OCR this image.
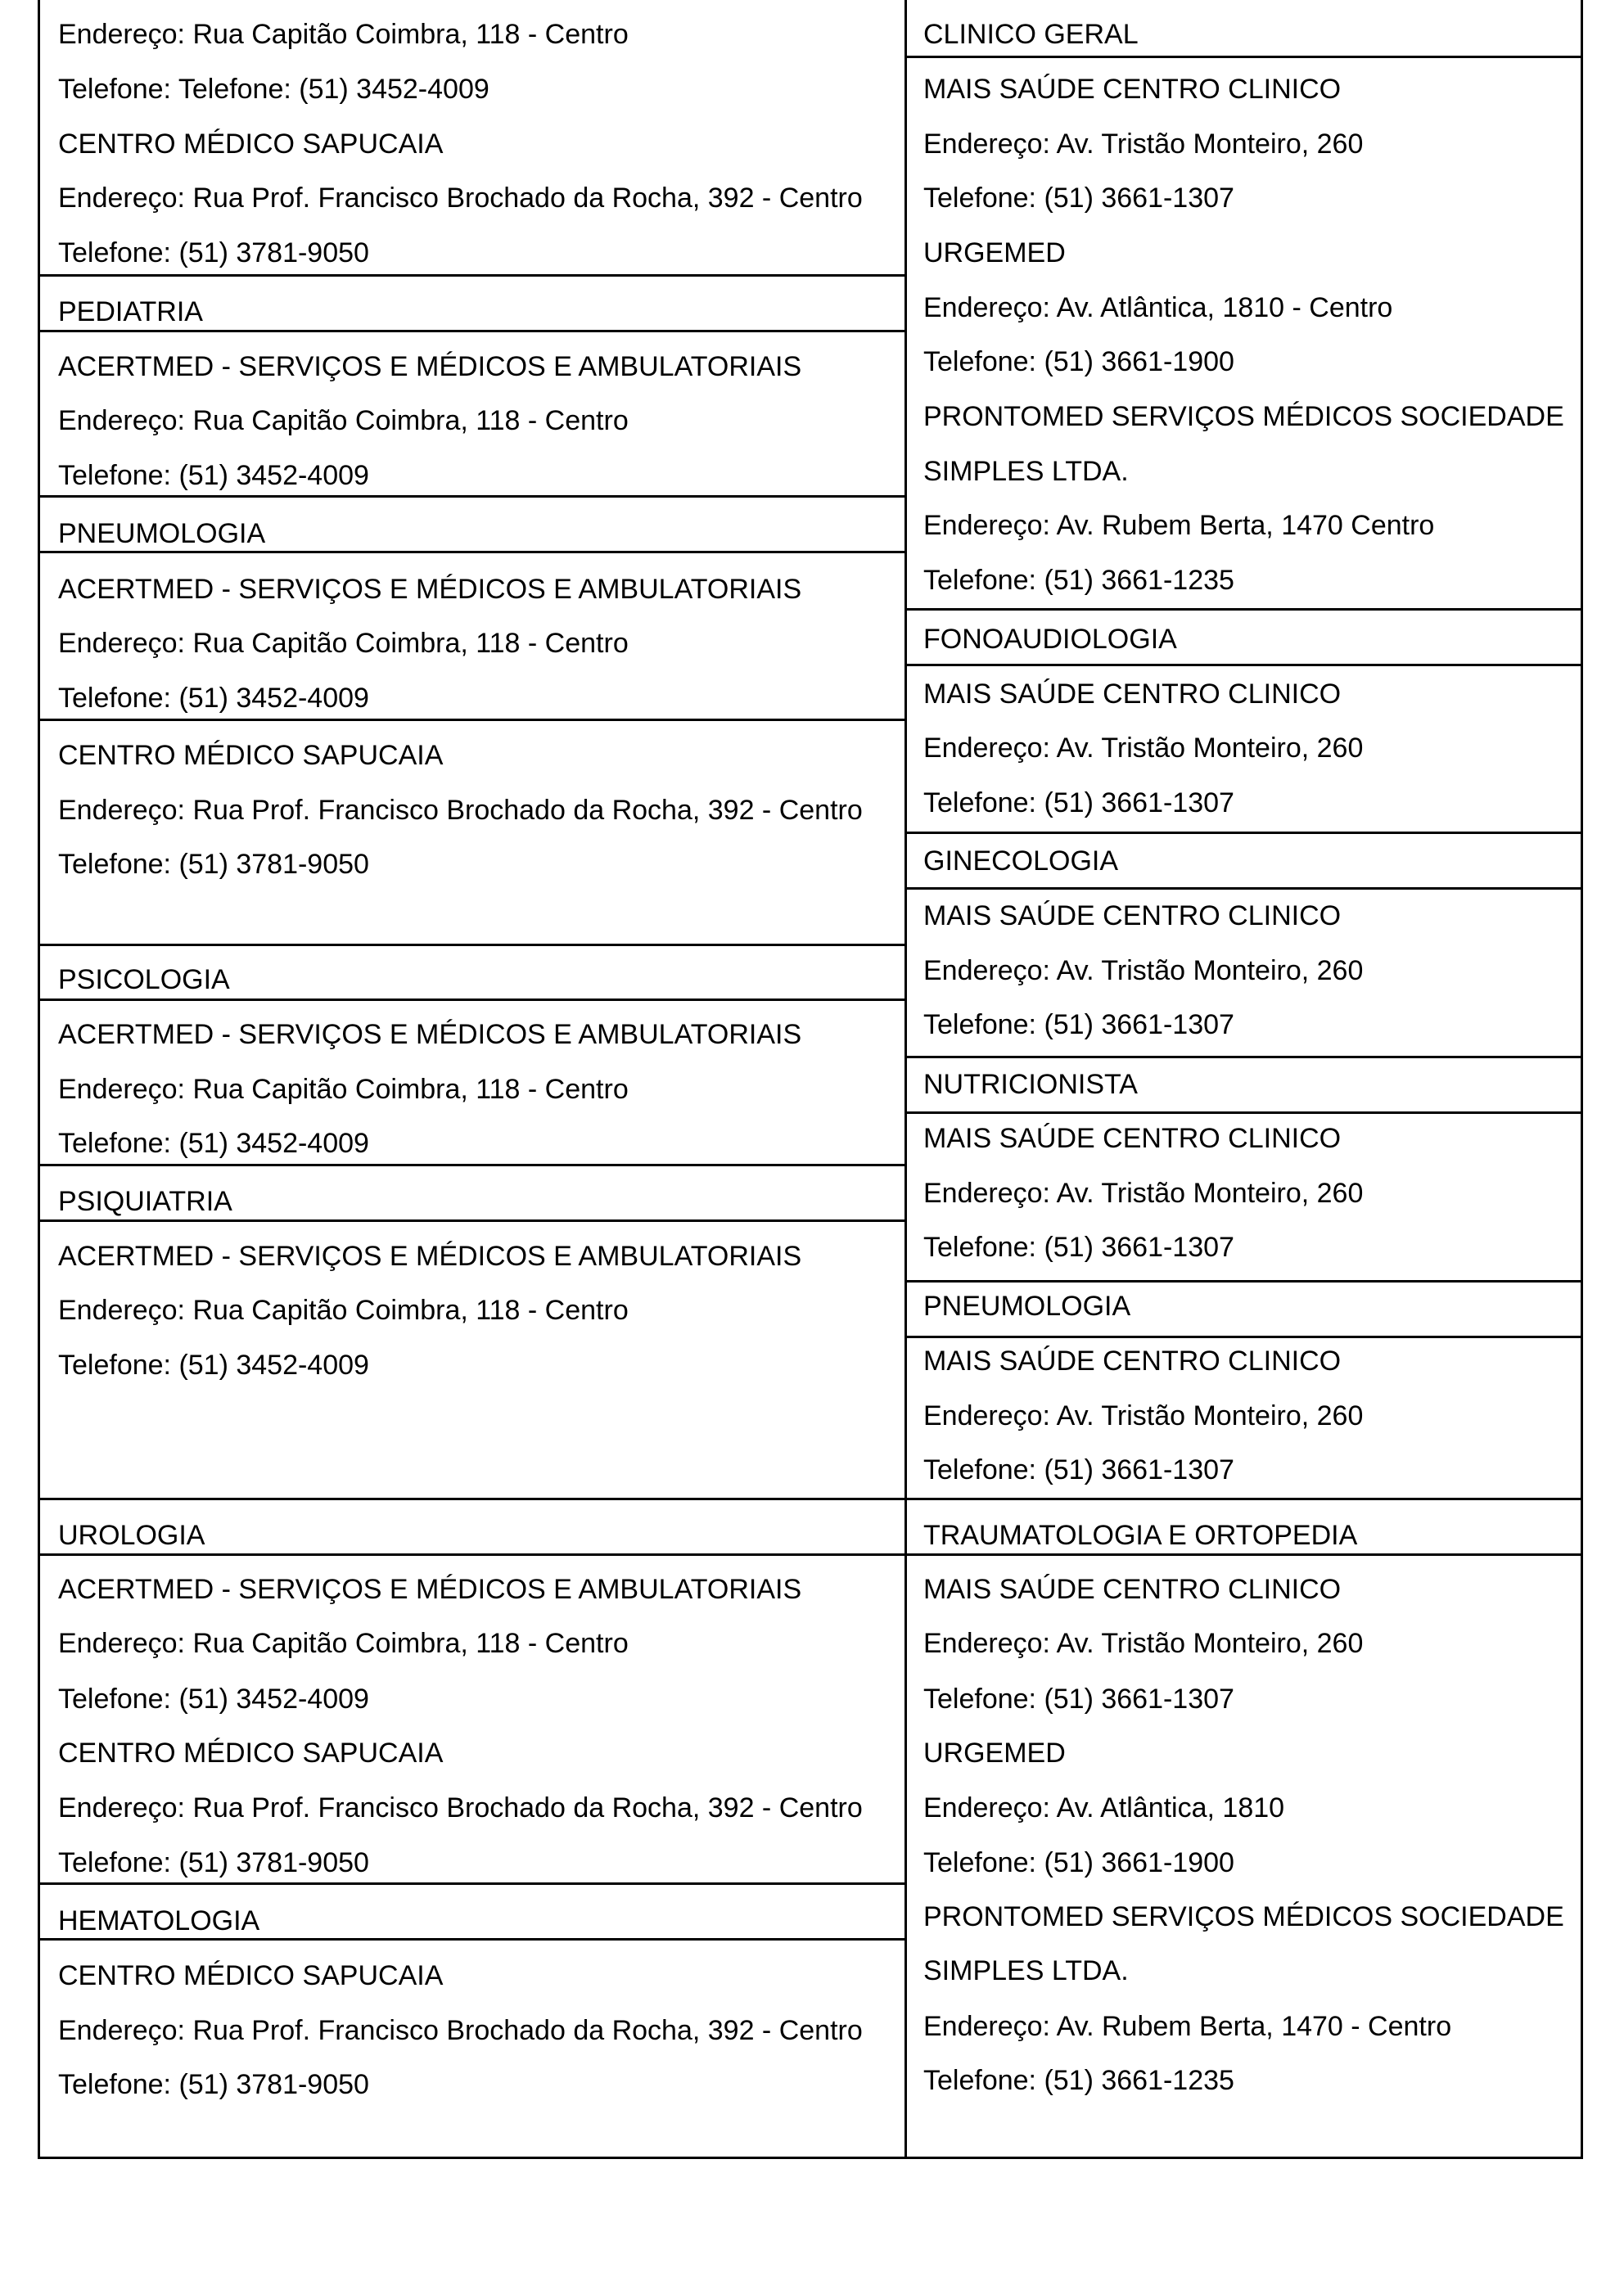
Endereço: Rua Capitão Coimbra, 118 - Centro
Telefone: Telefone: (51) 3452-4009
CENTRO MÉDICO SAPUCAIA
Endereço: Rua Prof. Francisco Brochado da Rocha, 392 - Centro
Telefone: (51) 3781-9050
PEDIATRIA
ACERTMED - SERVIÇOS E MÉDICOS E AMBULATORIAIS
Endereço: Rua Capitão Coimbra, 118 - Centro
Telefone: (51) 3452-4009
PNEUMOLOGIA
ACERTMED - SERVIÇOS E MÉDICOS E AMBULATORIAIS
Endereço: Rua Capitão Coimbra, 118 - Centro
Telefone: (51) 3452-4009
CENTRO MÉDICO SAPUCAIA
Endereço: Rua Prof. Francisco Brochado da Rocha, 392 - Centro
Telefone: (51) 3781-9050
PSICOLOGIA
ACERTMED - SERVIÇOS E MÉDICOS E AMBULATORIAIS
Endereço: Rua Capitão Coimbra, 118 - Centro
Telefone: (51) 3452-4009
PSIQUIATRIA
ACERTMED - SERVIÇOS E MÉDICOS E AMBULATORIAIS
Endereço: Rua Capitão Coimbra, 118 - Centro
Telefone: (51) 3452-4009
UROLOGIA
ACERTMED - SERVIÇOS E MÉDICOS E AMBULATORIAIS
Endereço: Rua Capitão Coimbra, 118 - Centro
Telefone: (51) 3452-4009
CENTRO MÉDICO SAPUCAIA
Endereço: Rua Prof. Francisco Brochado da Rocha, 392 - Centro
Telefone: (51) 3781-9050
HEMATOLOGIA
CENTRO MÉDICO SAPUCAIA
Endereço: Rua Prof. Francisco Brochado da Rocha, 392 - Centro
Telefone: (51) 3781-9050
CLINICO GERAL
MAIS SAÚDE CENTRO CLINICO
Endereço: Av. Tristão Monteiro, 260
Telefone: (51) 3661-1307
URGEMED
Endereço: Av. Atlântica, 1810 - Centro
Telefone: (51) 3661-1900
PRONTOMED SERVIÇOS MÉDICOS SOCIEDADE
SIMPLES LTDA.
Endereço: Av. Rubem Berta, 1470 Centro
Telefone: (51) 3661-1235
FONOAUDIOLOGIA
MAIS SAÚDE CENTRO CLINICO
Endereço: Av. Tristão Monteiro, 260
Telefone: (51) 3661-1307
GINECOLOGIA
MAIS SAÚDE CENTRO CLINICO
Endereço: Av. Tristão Monteiro, 260
Telefone: (51) 3661-1307
NUTRICIONISTA
MAIS SAÚDE CENTRO CLINICO
Endereço: Av. Tristão Monteiro, 260
Telefone: (51) 3661-1307
PNEUMOLOGIA
MAIS SAÚDE CENTRO CLINICO
Endereço: Av. Tristão Monteiro, 260
Telefone: (51) 3661-1307
TRAUMATOLOGIA E ORTOPEDIA
MAIS SAÚDE CENTRO CLINICO
Endereço: Av. Tristão Monteiro, 260
Telefone: (51) 3661-1307
URGEMED
Endereço: Av. Atlântica, 1810
Telefone: (51) 3661-1900
PRONTOMED SERVIÇOS MÉDICOS SOCIEDADE
SIMPLES LTDA.
Endereço: Av. Rubem Berta, 1470 - Centro
Telefone: (51) 3661-1235
